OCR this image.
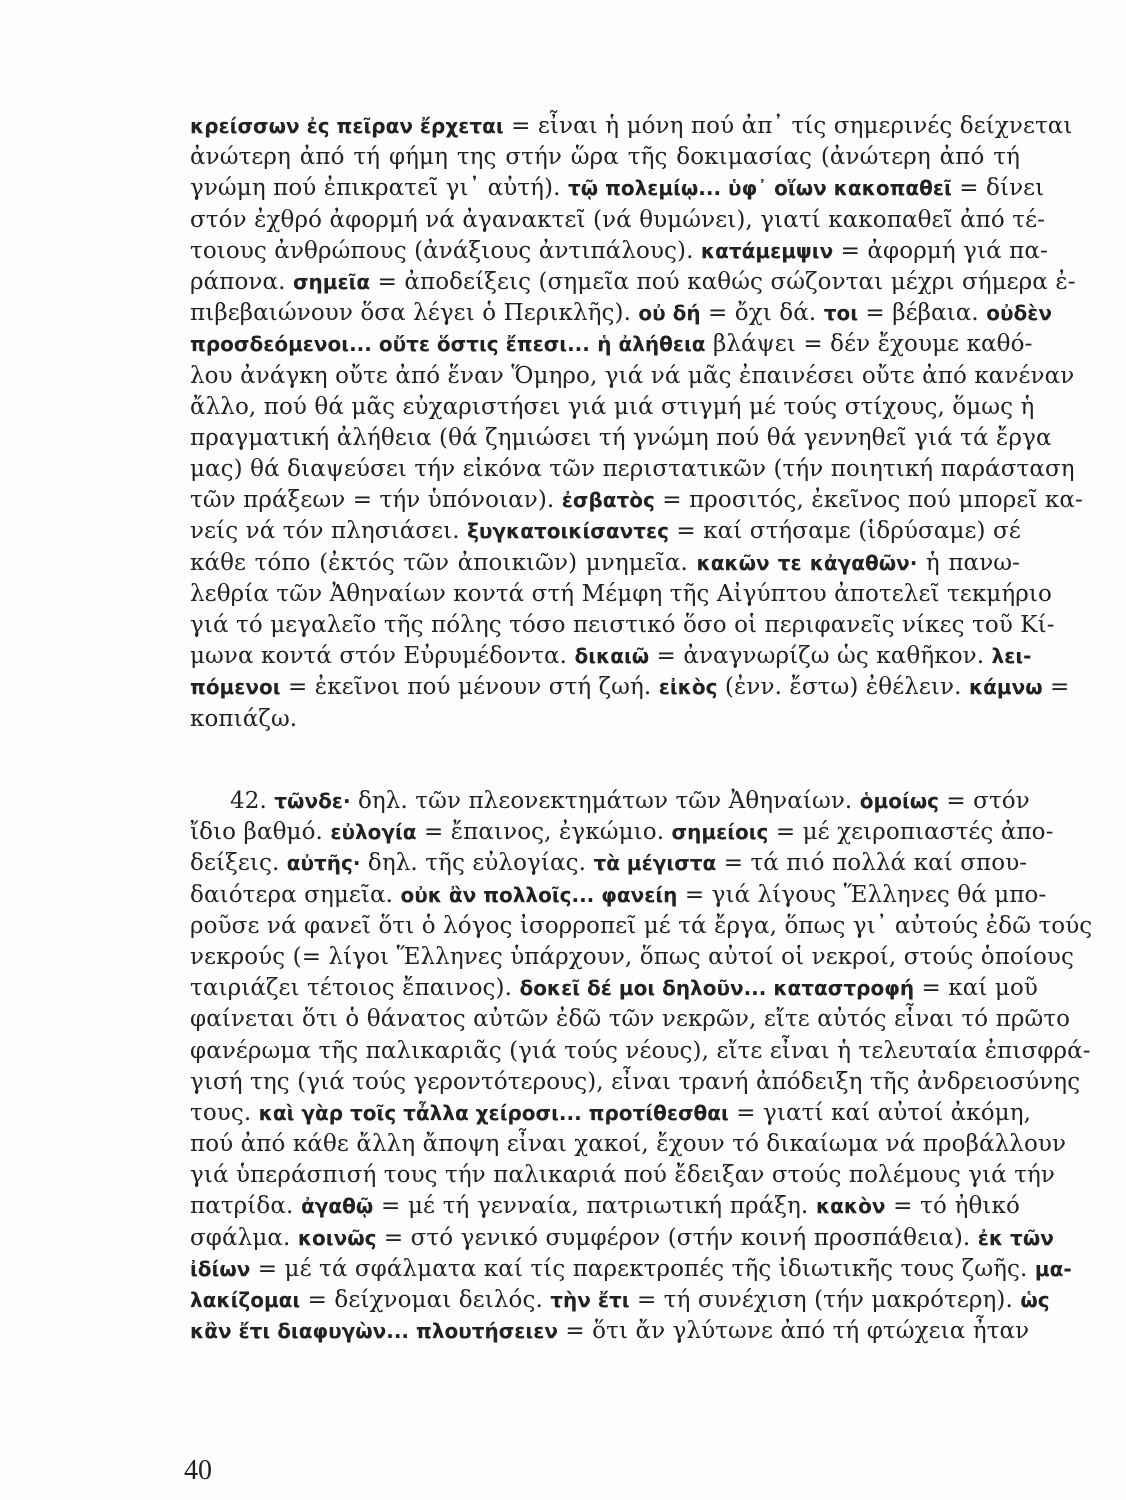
κρείσσων ἐς πεῖραν ἔρχεται = εἶναι ἡ μόνη πού ἀπ᾽ τίς σημερινές δείχνεται
ἀνώτερη ἀπό τή φήμη της στήν ὥρα τῆς δοκιμασίας (ἀνώτερη ἀπό τή
γνώμη πού ἐπικρατεῖ γι᾽ αὐτή). τῷ πολεμίῳ... ὑφ᾽ οἵων κακοπαθεῖ = δίνει
στόν ἐχθρό ἀφορμή νά ἀγανακτεῖ (νά θυμώνει), γιατί κακοπαθεῖ ἀπό τέ-
τοιους ἀνθρώπους (ἀνάξιους ἀντιπάλους). κατάμεμψιν = ἀφορμή γιά πα-
ράπονα. σημεῖα = ἀποδείξεις (σημεῖα πού καθώς σώζονται μέχρι σήμερα ἐ-
πιβεβαιώνουν ὅσα λέγει ὁ Περικλῆς). οὐ δή = ὄχι δά. τοι = βέβαια. οὐδὲν
προσδεόμενοι... οὔτε ὅστις ἔπεσι... ἡ ἀλήθεια βλάψει = δέν ἔχουμε καθό-
λου ἀνάγκη οὔτε ἀπό ἕναν Ὅμηρο, γιά νά μᾶς ἐπαινέσει οὔτε ἀπό κανέναν
ἄλλο, πού θά μᾶς εὐχαριστήσει γιά μιά στιγμή μέ τούς στίχους, ὅμως ἡ
πραγματική ἀλήθεια (θά ζημιώσει τή γνώμη πού θά γεννηθεῖ γιά τά ἔργα
μας) θά διαψεύσει τήν εἰκόνα τῶν περιστατικῶν (τήν ποιητική παράσταση
τῶν πράξεων = τήν ὑπόνοιαν). ἐσβατὸς = προσιτός, ἐκεῖνος πού μπορεῖ κα-
νείς νά τόν πλησιάσει. ξυγκατοικίσαντες = καί στήσαμε (ἱδρύσαμε) σέ
κάθε τόπο (ἐκτός τῶν ἀποικιῶν) μνημεῖα. κακῶν τε κἀγαθῶν· ἡ πανω-
λεθρία τῶν Ἀθηναίων κοντά στή Μέμφη τῆς Αἰγύπτου ἀποτελεῖ τεκμήριο
γιά τό μεγαλεῖο τῆς πόλης τόσο πειστικό ὅσο οἱ περιφανεῖς νίκες τοῦ Κί-
μωνα κοντά στόν Εὐρυμέδοντα. δικαιῶ = ἀναγνωρίζω ὡς καθῆκον. λει-
πόμενοι = ἐκεῖνοι πού μένουν στή ζωή. εἰκὸς (ἐνν. ἔστω) ἐθέλειν. κάμνω =
κοπιάζω.
42. τῶνδε· δηλ. τῶν πλεονεκτημάτων τῶν Ἀθηναίων. ὁμοίως = στόν
ἴδιο βαθμό. εὐλογία = ἔπαινος, ἐγκώμιο. σημείοις = μέ χειροπιαστές ἀπο-
δείξεις. αὐτῆς· δηλ. τῆς εὐλογίας. τὰ μέγιστα = τά πιό πολλά καί σπου-
δαιότερα σημεῖα. οὐκ ἂν πολλοῖς... φανείη = γιά λίγους Ἕλληνες θά μπο-
ροῦσε νά φανεῖ ὅτι ὁ λόγος ἰσορροπεῖ μέ τά ἔργα, ὅπως γι᾽ αὐτούς ἐδῶ τούς
νεκρούς (= λίγοι Ἕλληνες ὑπάρχουν, ὅπως αὐτοί οἱ νεκροί, στούς ὁποίους
ταιριάζει τέτοιος ἔπαινος). δοκεῖ δέ μοι δηλοῦν... καταστροφή = καί μοῦ
φαίνεται ὅτι ὁ θάνατος αὐτῶν ἐδῶ τῶν νεκρῶν, εἴτε αὐτός εἶναι τό πρῶτο
φανέρωμα τῆς παλικαριᾶς (γιά τούς νέους), εἴτε εἶναι ἡ τελευταία ἐπισφρά-
γισή της (γιά τούς γεροντότερους), εἶναι τρανή ἀπόδειξη τῆς ἀνδρειοσύνης
τους. καὶ γὰρ τοῖς τἆλλα χείροσι... προτίθεσθαι = γιατί καί αὐτοί ἀκόμη,
πού ἀπό κάθε ἄλλη ἄποψη εἶναι χακοί, ἔχουν τό δικαίωμα νά προβάλλουν
γιά ὑπεράσπισή τους τήν παλικαριά πού ἔδειξαν στούς πολέμους γιά τήν
πατρίδα. ἀγαθῷ = μέ τή γενναία, πατριωτική πράξη. κακὸν = τό ἠθικό
σφάλμα. κοινῶς = στό γενικό συμφέρον (στήν κοινή προσπάθεια). ἐκ τῶν
ἰδίων = μέ τά σφάλματα καί τίς παρεκτροπές τῆς ἰδιωτικῆς τους ζωῆς. μα-
λακίζομαι = δείχνομαι δειλός. τὴν ἔτι = τή συνέχιση (τήν μακρότερη). ὡς
κἂν ἔτι διαφυγὼν... πλουτήσειεν = ὅτι ἄν γλύτωνε ἀπό τή φτώχεια ἦταν
40
